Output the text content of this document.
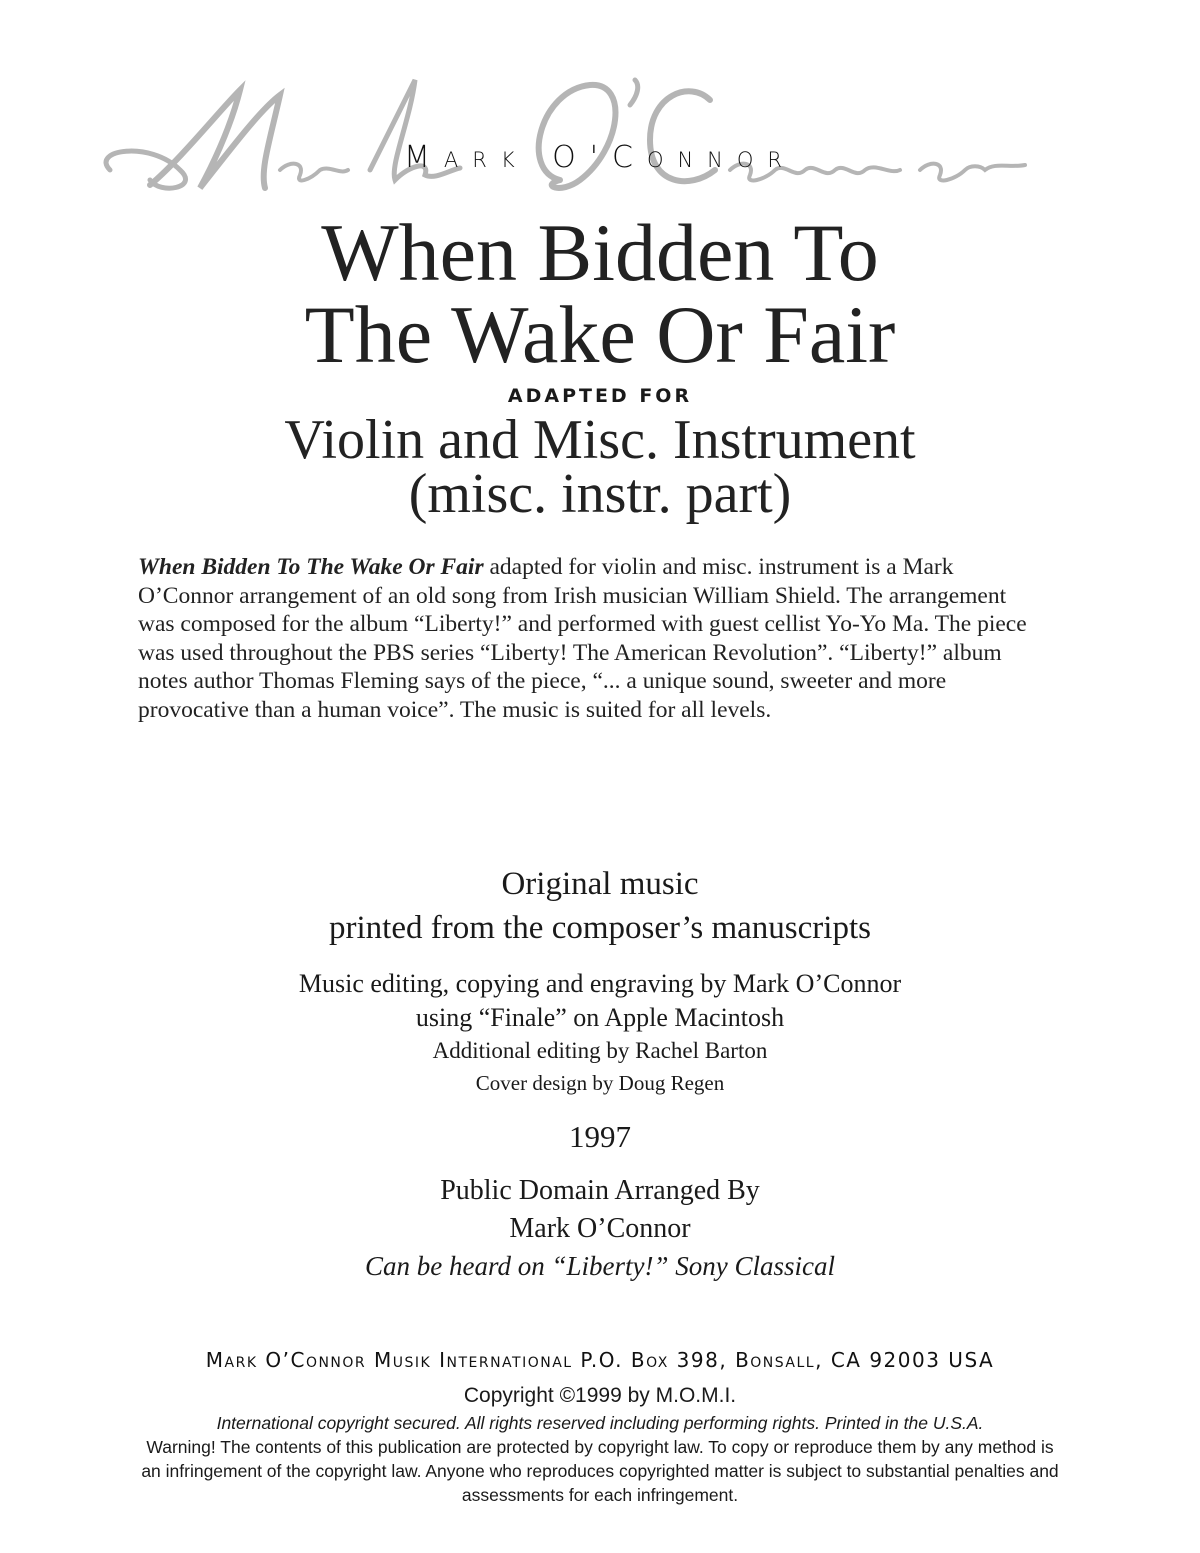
Mark O'Connor
When Bidden To
The Wake Or Fair
ADAPTED FOR
Violin and Misc. Instrument
(misc. instr. part)
When Bidden To The Wake Or Fair adapted for violin and misc. instrument is a Mark
O’Connor arrangement of an old song from Irish musician William Shield. The arrangement
was composed for the album “Liberty!” and performed with guest cellist Yo-Yo Ma. The piece
was used throughout the PBS series “Liberty! The American Revolution”. “Liberty!” album
notes author Thomas Fleming says of the piece, “... a unique sound, sweeter and more
provocative than a human voice”. The music is suited for all levels.
Original music
printed from the composer’s manuscripts
Music editing, copying and engraving by Mark O’Connor
using “Finale” on Apple Macintosh
Additional editing by Rachel Barton
Cover design by Doug Regen
1997
Public Domain Arranged By
Mark O’Connor
Can be heard on “Liberty!” Sony Classical
Mark O’Connor Musik International P.O. Box 398, Bonsall, CA 92003 USA
Copyright ©1999 by M.O.M.I.
International copyright secured. All rights reserved including performing rights. Printed in the U.S.A.
Warning! The contents of this publication are protected by copyright law. To copy or reproduce them by any method is
an infringement of the copyright law. Anyone who reproduces copyrighted matter is subject to substantial penalties and
assessments for each infringement.
